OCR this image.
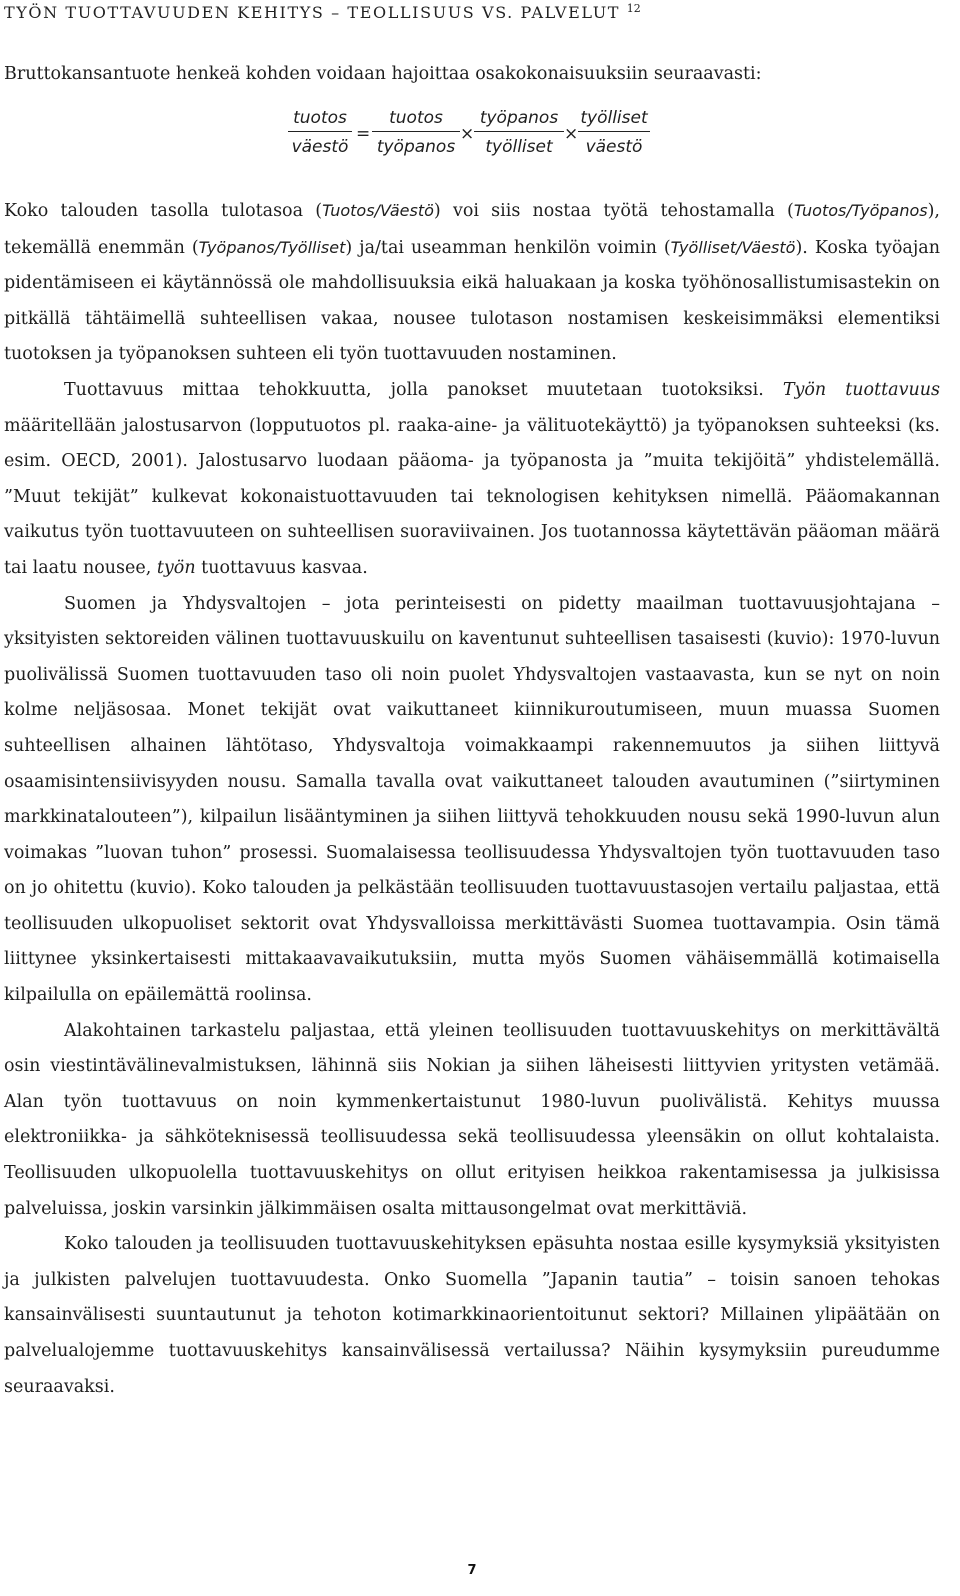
TYÖN TUOTTAVUUDEN KEHITYS – TEOLLISUUS VS. PALVELUT $^{12}$
Bruttokansantuote henkeä kohden voidaan hajoittaa osakokonaisuuksiin seuraavasti:
tuotos
väestö
=
tuotos
työpanos
×
työpanos
työlliset
×
työlliset
väestö

Koko talouden tasolla tulotasoa (Tuotos/Väestö) voi siis nostaa työtä tehostamalla (Tuotos/Työpanos), tekemällä enemmän (Työpanos/Työlliset) ja/tai useamman henkilön voimin (Työlliset/Väestö). Koska työajan pidentämiseen ei käytännössä ole mahdollisuuksia eikä haluakaan ja koska työhönosallistumisastekin on pitkällä tähtäimellä suhteellisen vakaa, nousee tulotason nostamisen keskeisimmäksi elementiksi tuotoksen ja työpanoksen suhteen eli työn tuottavuuden nostaminen.

Tuottavuus mittaa tehokkuutta, jolla panokset muutetaan tuotoksiksi. Työn tuottavuus määritellään jalostusarvon (lopputuotos pl. raaka-aine- ja välituotekäyttö) ja työpanoksen suhteeksi (ks. esim. OECD, 2001). Jalostusarvo luodaan pääoma- ja työpanosta ja ”muita tekijöitä” yhdistelemällä. ”Muut tekijät” kulkevat kokonaistuottavuuden tai teknologisen kehityksen nimellä. Pääomakannan vaikutus työn tuottavuuteen on suhteellisen suoraviivainen. Jos tuotannossa käytettävän pääoman määrä tai laatu nousee, työn tuottavuus kasvaa.

Suomen ja Yhdysvaltojen – jota perinteisesti on pidetty maailman tuottavuusjohtajana – yksityisten sektoreiden välinen tuottavuuskuilu on kaventunut suhteellisen tasaisesti (kuvio): 1970-luvun puolivälissä Suomen tuottavuuden taso oli noin puolet Yhdysvaltojen vastaavasta, kun se nyt on noin kolme neljäsosaa. Monet tekijät ovat vaikuttaneet kiinnikuroutumiseen, muun muassa Suomen suhteellisen alhainen lähtötaso, Yhdysvaltoja voimakkaampi rakennemuutos ja siihen liittyvä osaamisintensiivisyyden nousu. Samalla tavalla ovat vaikuttaneet talouden avautuminen (”siirtyminen markkinatalouteen”), kilpailun lisääntyminen ja siihen liittyvä tehokkuuden nousu sekä 1990-luvun alun voimakas ”luovan tuhon” prosessi. Suomalaisessa teollisuudessa Yhdysvaltojen työn tuottavuuden taso on jo ohitettu (kuvio). Koko talouden ja pelkästään teollisuuden tuottavuustasojen vertailu paljastaa, että teollisuuden ulkopuoliset sektorit ovat Yhdysvalloissa merkittävästi Suomea tuottavampia. Osin tämä liittynee yksinkertaisesti mittakaavavaikutuksiin, mutta myös Suomen vähäisemmällä kotimaisella kilpailulla on epäilemättä roolinsa.

Alakohtainen tarkastelu paljastaa, että yleinen teollisuuden tuottavuuskehitys on merkittävältä osin viestintävälinevalmistuksen, lähinnä siis Nokian ja siihen läheisesti liittyvien yritysten vetämää. Alan työn tuottavuus on noin kymmenkertaistunut 1980-luvun puolivälistä. Kehitys muussa elektroniikka- ja sähköteknisessä teollisuudessa sekä teollisuudessa yleensäkin on ollut kohtalaista. Teollisuuden ulkopuolella tuottavuuskehitys on ollut erityisen heikkoa rakentamisessa ja julkisissa palveluissa, joskin varsinkin jälkimmäisen osalta mittausongelmat ovat merkittäviä.

Koko talouden ja teollisuuden tuottavuuskehityksen epäsuhta nostaa esille kysymyksiä yksityisten ja julkisten palvelujen tuottavuudesta. Onko Suomella ”Japanin tautia” – toisin sanoen tehokas kansainvälisesti suuntautunut ja tehoton kotimarkkinaorientoitunut sektori? Millainen ylipäätään on palvelualojemme tuottavuuskehitys kansainvälisessä vertailussa? Näihin kysymyksiin pureudumme seuraavaksi.

7
